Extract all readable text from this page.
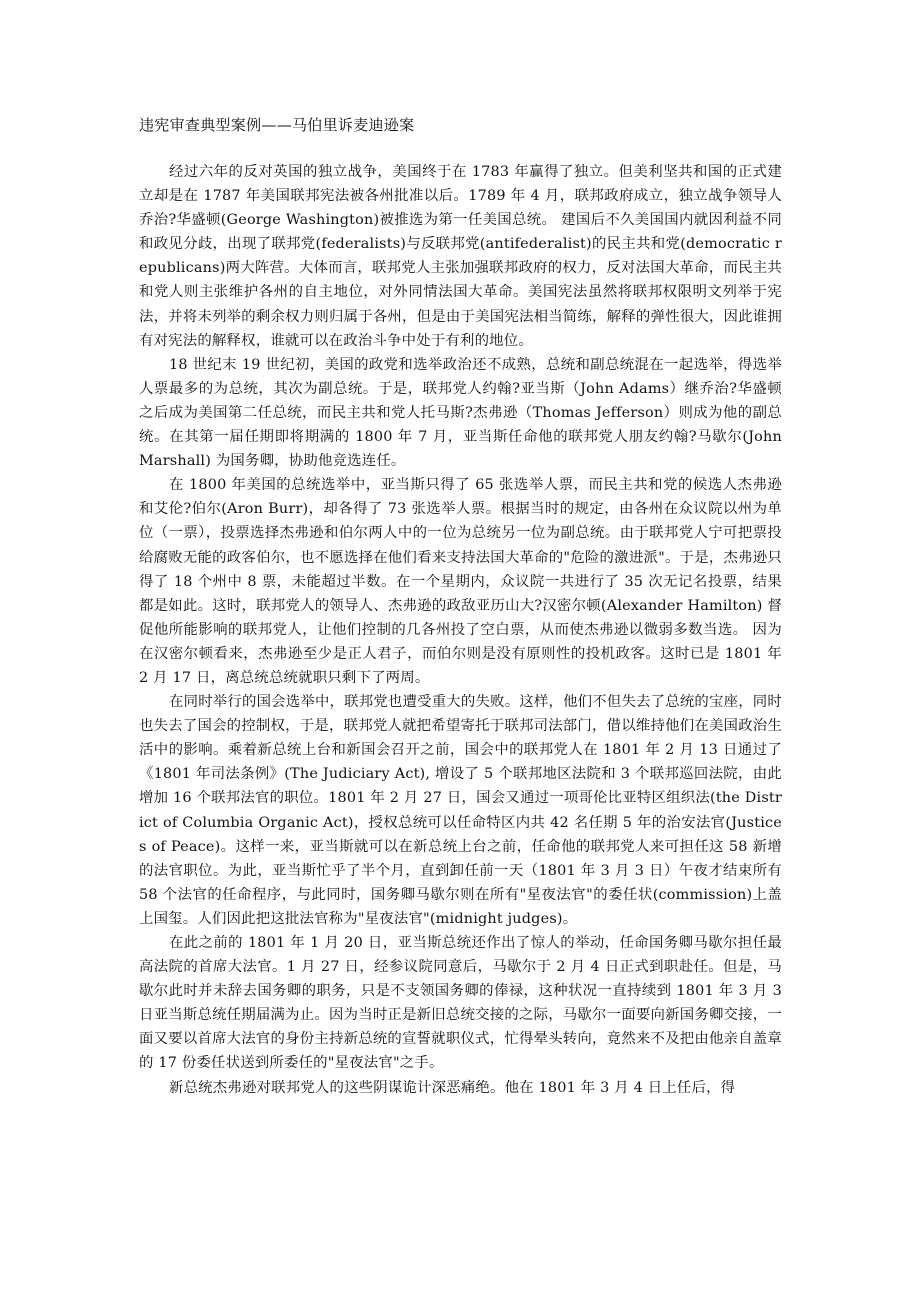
违宪审查典型案例——马伯里诉麦迪逊案

经过六年的反对英国的独立战争，美国终于在 1783 年赢得了独立。但美利坚共和国的正式建立却是在 1787 年美国联邦宪法被各州批准以后。1789 年 4 月，联邦政府成立，独立战争领导人乔治?华盛顿(George Washington)被推选为第一任美国总统。 建国后不久美国国内就因利益不同和政见分歧，出现了联邦党(federalists)与反联邦党(antifederalist)的民主共和党(democratic republicans)两大阵营。大体而言，联邦党人主张加强联邦政府的权力，反对法国大革命，而民主共和党人则主张维护各州的自主地位，对外同情法国大革命。美国宪法虽然将联邦权限明文列举于宪法，并将未列举的剩余权力则归属于各州，但是由于美国宪法相当简练，解释的弹性很大，因此谁拥有对宪法的解释权，谁就可以在政治斗争中处于有利的地位。

18 世纪末 19 世纪初，美国的政党和选举政治还不成熟，总统和副总统混在一起选举，得选举人票最多的为总统，其次为副总统。于是，联邦党人约翰?亚当斯（John Adams）继乔治?华盛顿之后成为美国第二任总统，而民主共和党人托马斯?杰弗逊（Thomas Jefferson）则成为他的副总统。在其第一届任期即将期满的 1800 年 7 月，亚当斯任命他的联邦党人朋友约翰?马歇尔(John Marshall) 为国务卿，协助他竞选连任。

在 1800 年美国的总统选举中，亚当斯只得了 65 张选举人票，而民主共和党的候选人杰弗逊和艾伦?伯尔(Aron Burr)，却各得了 73 张选举人票。根据当时的规定，由各州在众议院以州为单位（一票），投票选择杰弗逊和伯尔两人中的一位为总统另一位为副总统。由于联邦党人宁可把票投给腐败无能的政客伯尔，也不愿选择在他们看来支持法国大革命的"危险的激进派"。于是，杰弗逊只得了 18 个州中 8 票，未能超过半数。在一个星期内，众议院一共进行了 35 次无记名投票，结果都是如此。这时，联邦党人的领导人、杰弗逊的政敌亚历山大?汉密尔顿(Alexander Hamilton) 督促他所能影响的联邦党人，让他们控制的几各州投了空白票，从而使杰弗逊以微弱多数当选。 因为在汉密尔顿看来，杰弗逊至少是正人君子，而伯尔则是没有原则性的投机政客。这时已是 1801 年 2 月 17 日，离总统总统就职只剩下了两周。

在同时举行的国会选举中，联邦党也遭受重大的失败。这样，他们不但失去了总统的宝座，同时也失去了国会的控制权，于是，联邦党人就把希望寄托于联邦司法部门，借以维持他们在美国政治生活中的影响。乘着新总统上台和新国会召开之前，国会中的联邦党人在 1801 年 2 月 13 日通过了《1801 年司法条例》(The Judiciary Act), 增设了 5 个联邦地区法院和 3 个联邦巡回法院，由此增加 16 个联邦法官的职位。1801 年 2 月 27 日，国会又通过一项哥伦比亚特区组织法(the District of Columbia Organic Act)，授权总统可以任命特区内共 42 名任期 5 年的治安法官(Justices of Peace)。这样一来，亚当斯就可以在新总统上台之前，任命他的联邦党人来可担任这 58 新增的法官职位。为此，亚当斯忙乎了半个月，直到卸任前一天（1801 年 3 月 3 日）午夜才结束所有 58 个法官的任命程序，与此同时，国务卿马歇尔则在所有"星夜法官"的委任状(commission)上盖上国玺。人们因此把这批法官称为"星夜法官"(midnight judges)。

在此之前的 1801 年 1 月 20 日，亚当斯总统还作出了惊人的举动，任命国务卿马歇尔担任最高法院的首席大法官。1 月 27 日，经参议院同意后，马歇尔于 2 月 4 日正式到职赴任。但是，马歇尔此时并未辞去国务卿的职务，只是不支领国务卿的俸禄，这种状况一直持续到 1801 年 3 月 3 日亚当斯总统任期届满为止。因为当时正是新旧总统交接的之际，马歇尔一面要向新国务卿交接，一面又要以首席大法官的身份主持新总统的宣誓就职仪式，忙得晕头转向，竟然来不及把由他亲自盖章的 17 份委任状送到所委任的"星夜法官"之手。

新总统杰弗逊对联邦党人的这些阴谋诡计深恶痛绝。他在 1801 年 3 月 4 日上任后，得
